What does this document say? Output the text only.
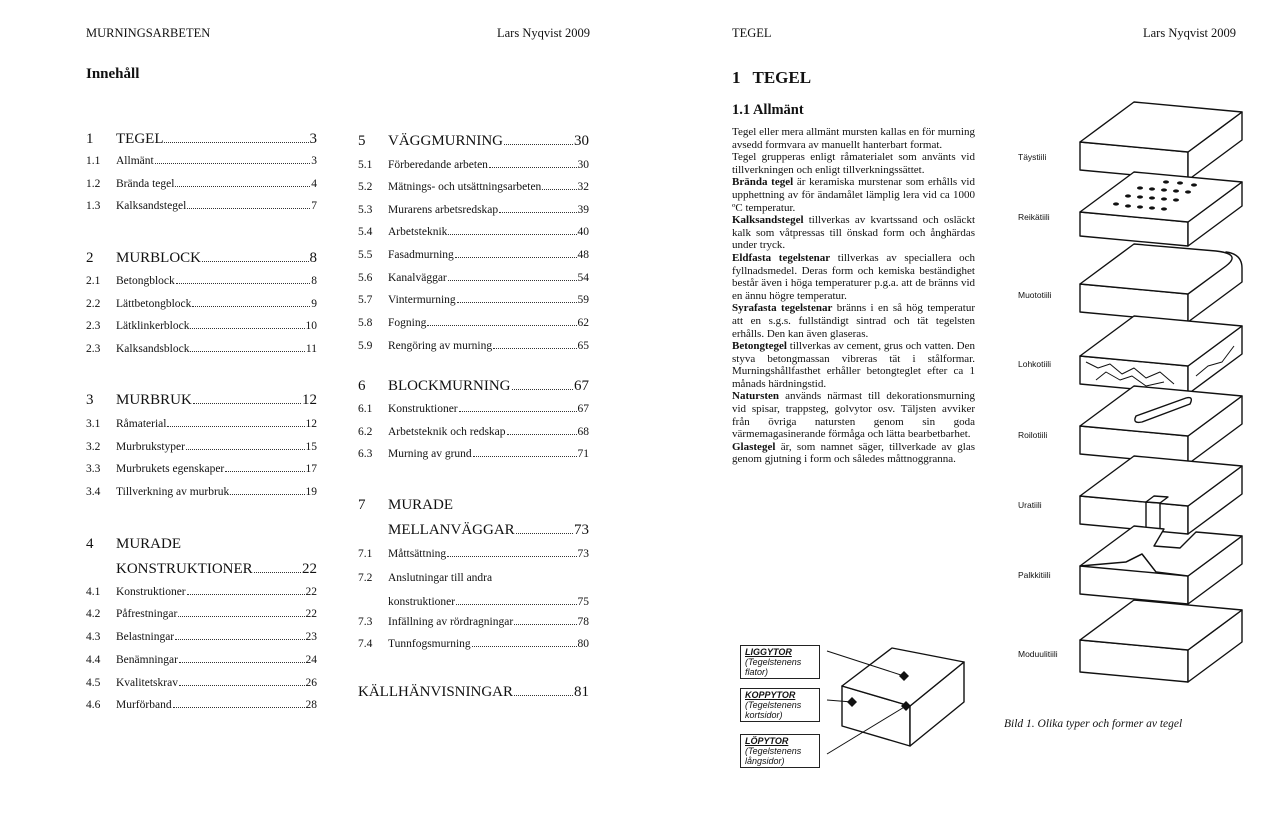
MURNINGSARBETEN	Lars Nyqvist 2009
Innehåll
1	TEGEL	3
1.1	Allmänt	3
1.2	Brända tegel	4
1.3	Kalksandstegel	7
2	MURBLOCK	8
2.1	Betongblock	8
2.2	Lättbetongblock	9
2.3	Lätklinkerblock	10
2.3	Kalksandsblock	11
3	MURBRUK	12
3.1	Råmaterial	12
3.2	Murbrukstyper	15
3.3	Murbrukets egenskaper	17
3.4	Tillverkning av murbruk	19
4	MURADE
KONSTRUKTIONER	22
4.1	Konstruktioner	22
4.2	Påfrestningar	22
4.3	Belastningar	23
4.4	Benämningar	24
4.5	Kvalitetskrav	26
4.6	Murförband	28
5	VÄGGMURNING	30
5.1	Förberedande arbeten	30
5.2	Mätnings- och utsättningsarbeten	32
5.3	Murarens arbetsredskap	39
5.4	Arbetsteknik	40
5.5	Fasadmurning	48
5.6	Kanalväggar	54
5.7	Vintermurning	59
5.8	Fogning	62
5.9	Rengöring av murning	65
6	BLOCKMURNING	67
6.1	Konstruktioner	67
6.2	Arbetsteknik och redskap	68
6.3	Murning av grund	71
7	MURADE
MELLANVÄGGAR	73
7.1	Måttsättning	73
7.2	Anslutningar till andra
konstruktioner	75
7.3	Infällning av rördragningar	78
7.4	Tunnfogsmurning	80
KÄLLHÄNVISNINGAR	81
TEGEL	Lars Nyqvist 2009
1 TEGEL
1.1 Allmänt

Tegel eller mera allmänt mursten kallas en för murning avsedd formvara av manuellt hanterbart format.

Tegel grupperas enligt råmaterialet som använts vid tillverkningen och enligt tillverkningssättet.

Brända tegel är keramiska murstenar som erhålls vid upphettning av för ändamålet lämplig lera vid ca 1000 ºC temperatur.

Kalksandstegel tillverkas av kvartssand och osläckt kalk som våtpressas till önskad form och ånghärdas under tryck.

Eldfasta tegelstenar tillverkas av speciallera och fyllnadsmedel. Deras form och kemiska beständighet består även i höga temperaturer p.g.a. att de bränns vid en ännu högre temperatur.

Syrafasta tegelstenar bränns i en så hög temperatur att en s.g.s. fullständigt sintrad och tät tegelsten erhålls. Den kan även glaseras.

Betongtegel tillverkas av cement, grus och vatten. Den styva betongmassan vibreras tät i stålformar. Murningshållfasthet erhåller betongteglet efter ca 1 månads härdningstid.

Natursten används närmast till dekorationsmurning vid spisar, trappsteg, golvytor osv. Täljsten avviker från övriga natursten genom sin goda värmemagasinerande förmåga och lätta bearbetbarhet.

Glastegel är, som namnet säger, tillverkade av glas genom gjutning i form och således måttnoggranna.

Täystiili
Reikätiili
Muototiili
Lohkotiili
Roilotiili
Uratiili
Palkkitiili
Moduulitiili
Bild 1. Olika typer och former av tegel
LIGGYTOR
(Tegelstenens flator)
KOPPYTOR
(Tegelstenens kortsidor)
LÖPYTOR
(Tegelstenens långsidor)
